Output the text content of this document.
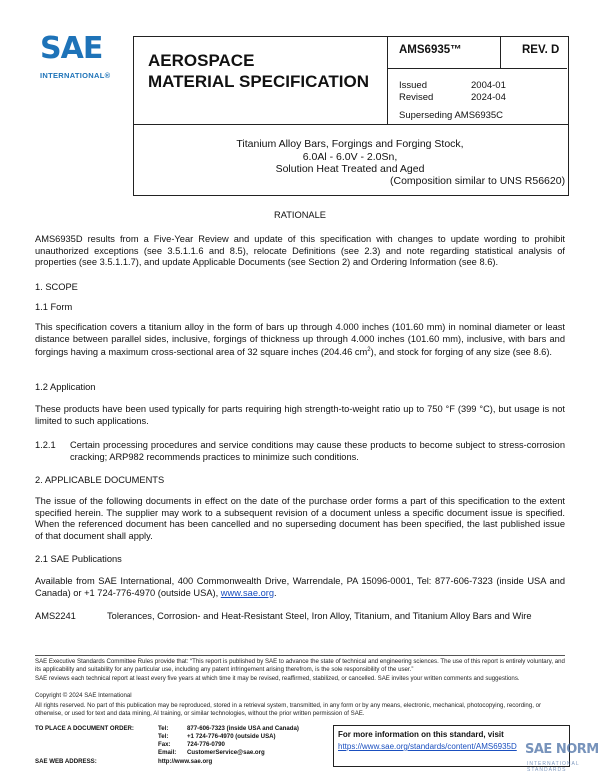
SAE
INTERNATIONAL®
AEROSPACE
MATERIAL SPECIFICATION
AMS6935™	REV. D
Issued	2004-01
Revised	2024-04
Superseding AMS6935C
Titanium Alloy Bars, Forgings and Forging Stock,
6.0Al - 6.0V - 2.0Sn,
Solution Heat Treated and Aged
(Composition similar to UNS R56620)
RATIONALE
AMS6935D results from a Five-Year Review and update of this specification with changes to update wording to prohibit unauthorized exceptions (see 3.5.1.1.6 and 8.5), relocate Definitions (see 2.3) and note regarding statistical analysis of properties (see 3.5.1.1.7), and update Applicable Documents (see Section 2) and Ordering Information (see 8.6).
1. SCOPE
1.1 Form
This specification covers a titanium alloy in the form of bars up through 4.000 inches (101.60 mm) in nominal diameter or least distance between parallel sides, inclusive, forgings of thickness up through 4.000 inches (101.60 mm), inclusive, with bars and forgings having a maximum cross-sectional area of 32 square inches (204.46 $cm^2$), and stock for forging of any size (see 8.6).
1.2 Application
These products have been used typically for parts requiring high strength-to-weight ratio up to 750 °F (399 °C), but usage is not limited to such applications.
1.2.1 Certain processing procedures and service conditions may cause these products to become subject to stress-corrosion cracking; ARP982 recommends practices to minimize such conditions.
2. APPLICABLE DOCUMENTS
The issue of the following documents in effect on the date of the purchase order forms a part of this specification to the extent specified herein. The supplier may work to a subsequent revision of a document unless a specific document issue is specified. When the referenced document has been cancelled and no superseding document has been specified, the last published issue of that document shall apply.
2.1 SAE Publications
Available from SAE International, 400 Commonwealth Drive, Warrendale, PA 15096-0001, Tel: 877-606-7323 (inside USA and Canada) or +1 724-776-4970 (outside USA), www.sae.org.
AMS2241	Tolerances, Corrosion- and Heat-Resistant Steel, Iron Alloy, Titanium, and Titanium Alloy Bars and Wire
SAE Executive Standards Committee Rules provide that: “This report is published by SAE to advance the state of technical and engineering sciences. The use of this report is entirely voluntary, and its applicability and suitability for any particular use, including any patent infringement arising therefrom, is the sole responsibility of the user.”
SAE reviews each technical report at least every five years at which time it may be revised, reaffirmed, stabilized, or cancelled. SAE invites your written comments and suggestions.
Copyright © 2024 SAE International
All rights reserved. No part of this publication may be reproduced, stored in a retrieval system, transmitted, in any form or by any means, electronic, mechanical, photocopying, recording, or otherwise, or used for text and data mining, AI training, or similar technologies, without the prior written permission of SAE.
TO PLACE A DOCUMENT ORDER:	Tel:	877-606-7323 (inside USA and Canada)
Tel:	+1 724-776-4970 (outside USA)
Fax:	724-776-0790
Email: CustomerService@sae.org
SAE WEB ADDRESS:	http://www.sae.org
For more information on this standard, visit
https://www.sae.org/standards/content/AMS6935D SAE NORM
INTERNATIONAL STANDARDS
